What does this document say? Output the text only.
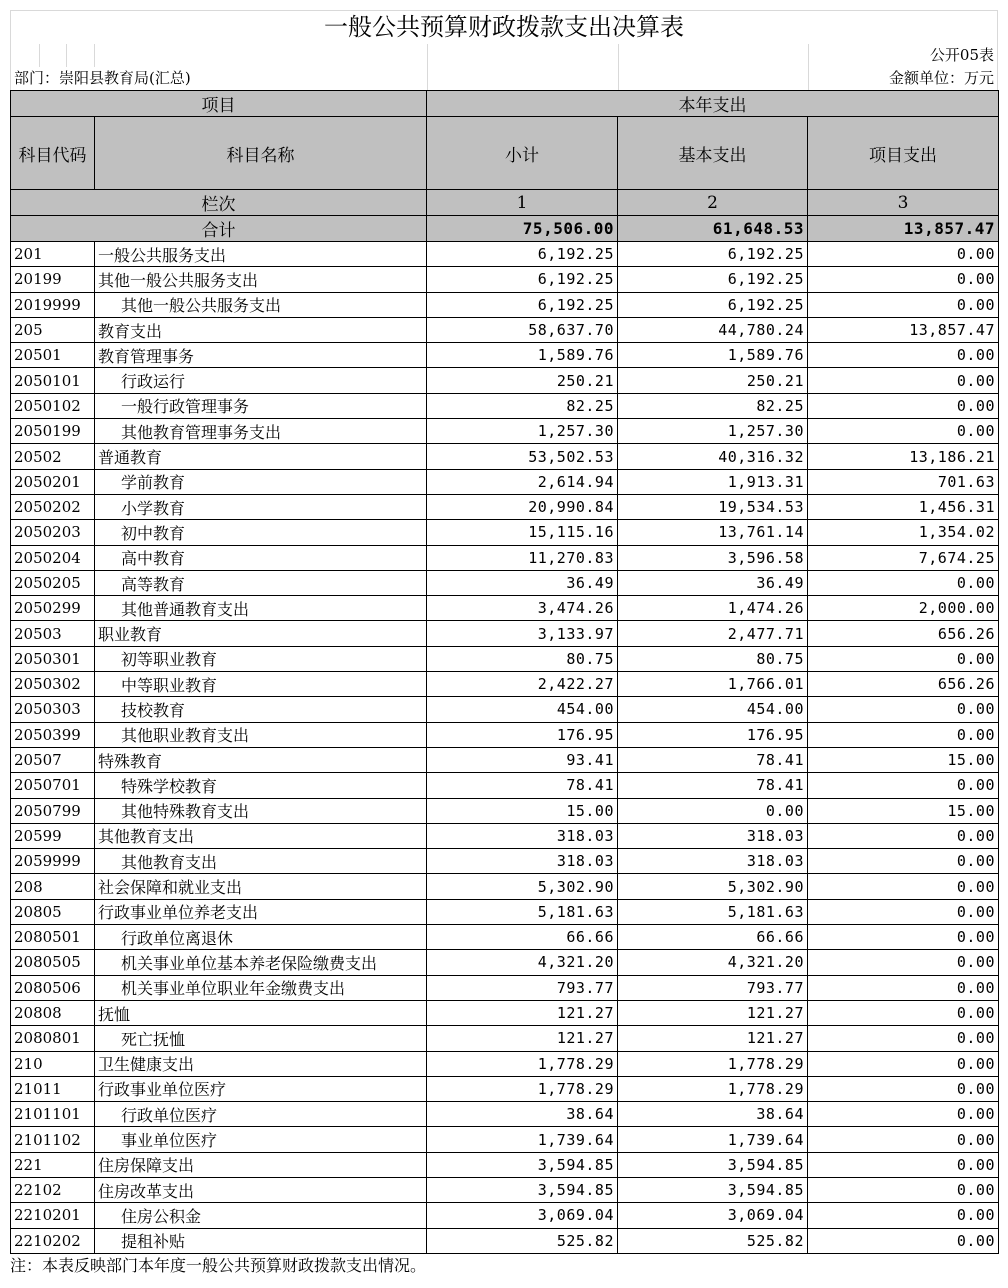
一般公共预算财政拨款支出决算表
公开05表
部门：崇阳县教育局(汇总)	金额单位：万元
项目		本年支出		
科目代码	科目名称	小计	基本支出	项目支出
栏次		1	2	3
合计		75,506.00	61,648.53	13,857.47
201	一般公共服务支出	6,192.25	6,192.25	0.00
20199	其他一般公共服务支出	6,192.25	6,192.25	0.00
2019999	其他一般公共服务支出	6,192.25	6,192.25	0.00
205	教育支出	58,637.70	44,780.24	13,857.47
20501	教育管理事务	1,589.76	1,589.76	0.00
2050101	行政运行	250.21	250.21	0.00
2050102	一般行政管理事务	82.25	82.25	0.00
2050199	其他教育管理事务支出	1,257.30	1,257.30	0.00
20502	普通教育	53,502.53	40,316.32	13,186.21
2050201	学前教育	2,614.94	1,913.31	701.63
2050202	小学教育	20,990.84	19,534.53	1,456.31
2050203	初中教育	15,115.16	13,761.14	1,354.02
2050204	高中教育	11,270.83	3,596.58	7,674.25
2050205	高等教育	36.49	36.49	0.00
2050299	其他普通教育支出	3,474.26	1,474.26	2,000.00
20503	职业教育	3,133.97	2,477.71	656.26
2050301	初等职业教育	80.75	80.75	0.00
2050302	中等职业教育	2,422.27	1,766.01	656.26
2050303	技校教育	454.00	454.00	0.00
2050399	其他职业教育支出	176.95	176.95	0.00
20507	特殊教育	93.41	78.41	15.00
2050701	特殊学校教育	78.41	78.41	0.00
2050799	其他特殊教育支出	15.00	0.00	15.00
20599	其他教育支出	318.03	318.03	0.00
2059999	其他教育支出	318.03	318.03	0.00
208	社会保障和就业支出	5,302.90	5,302.90	0.00
20805	行政事业单位养老支出	5,181.63	5,181.63	0.00
2080501	行政单位离退休	66.66	66.66	0.00
2080505	机关事业单位基本养老保险缴费支出	4,321.20	4,321.20	0.00
2080506	机关事业单位职业年金缴费支出	793.77	793.77	0.00
20808	抚恤	121.27	121.27	0.00
2080801	死亡抚恤	121.27	121.27	0.00
210	卫生健康支出	1,778.29	1,778.29	0.00
21011	行政事业单位医疗	1,778.29	1,778.29	0.00
2101101	行政单位医疗	38.64	38.64	0.00
2101102	事业单位医疗	1,739.64	1,739.64	0.00
221	住房保障支出	3,594.85	3,594.85	0.00
22102	住房改革支出	3,594.85	3,594.85	0.00
2210201	住房公积金	3,069.04	3,069.04	0.00
2210202	提租补贴	525.82	525.82	0.00
注：本表反映部门本年度一般公共预算财政拨款支出情况。
